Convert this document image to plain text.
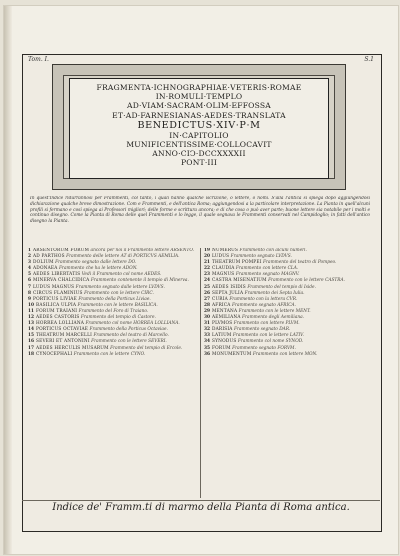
Tom. I.	S.1
FRAGMENTA·ICHNOGRAPHIAE·VETERIS·ROMAE
IN·ROMULI·TEMPLO
AD·VIAM·SACRAM·OLIM·EFFOSSA
ET·AD·FARNESIANAS·AEDES·TRANSLATA
BENEDICTUS·XIV·P·M
IN·CAPITOLIO
MUNIFICENTISSIME·COLLOCAVIT
ANNO·CIↃ·DCCXXXXII
PONT·III
In quest'Indice ridurrannosi per Frammenti, col tanto, i quali hanno qualche iscrizione, o lettere, o nomi. S'alla l'antica si spiega dopo aggiungendosi dichiarazione qualche breve dimostrazione. Com e Frammenti, e dell'antica Roma; aggiungendosi a la particolare interpretazione. La Pianta in quell'alcuni profili si fermano e così spiega ai Professori migliori; delle forme e scrittura ancora; e di che cosa o può aver parte; buone lettere sia notabile per i molti e continuo disegno. Come la Pianta di Roma delle quel Frammenti e lo legge, il quale segnava le Frammenti conservati nel Campidoglio; in fatti dell'antico disegno la Pianta.
1 ARSENTORUM FORUM ancora per noi il Frammento lettere ARSENTO.
2 AD PARTHOS Frammento delle lettere AT di PORTICVS AEMILIA.
3 DOLIUM Frammento segnato dalle lettere DO.
4 ADONAEA Frammento che ha le lettere ADON.
5 AEDES LIBERTATIS Vedi il Frammento col nome AEDES.
6 MINERVA CHALCIDICA Frammento contenente il tempio di Minerva.
7 LUDUS MAGNUS Frammento segnato dalle lettere LVDVS.
8 CIRCUS FLAMINIUS Frammento con le lettere CIRC.
9 PORTICUS LIVIAE Frammento della Porticus Liviae.
10 BASILICA ULPIA Frammento con le lettere BASILICA.
11 FORUM TRAIANI Frammento del Foro di Traiano.
12 AEDES CASTORIS Frammento del tempio di Castore.
13 HORREA LOLLIANA Frammento col nome HORREA LOLLIANA.
14 PORTICUS OCTAVIAE Frammento della Porticus Octaviae.
15 THEATRUM MARCELLI Frammento del teatro di Marcello.
16 SEVERI ET ANTONINI Frammento con le lettere SEVERI.
17 AEDES HERCULIS MUSARUM Frammento del tempio di Ercole.
18 CYNOCEPHALI Frammento con le lettere CYNO.
19 NUMERUS Frammento con alcuni numeri.
20 LUDUS Frammento segnato LVDVS.
21 THEATRUM POMPEI Frammento del teatro di Pompeo.
22 CLAUDIA Frammento con lettere CLA.
23 MAGNUS Frammento segnato MAGNV.
24 CASTRA MISENATIUM Frammento con le lettere CASTRA.
25 AEDES ISIDIS Frammento del tempio di Iside.
26 SEPTA JULIA Frammento dei Septa Iulia.
27 CURIA Frammento con la lettera CVR.
28 AFRICA Frammento segnato AFRICA.
29 MENTANA Frammento con le lettere MENT.
30 AEMILIANA Frammento degli Aemiliana.
31 PLVMOS Frammento con lettere PLVM.
32 DARISIA Frammento segnato DAR.
33 LATIUM Frammento con le lettere LATIV.
34 SYNODUS Frammento col nome SYNOD.
35 FORUM Frammento segnato FORVM.
36 MONUMENTUM Frammento con lettere MON.
Indice de' Framm.ti di marmo della Pianta di Roma antica.
